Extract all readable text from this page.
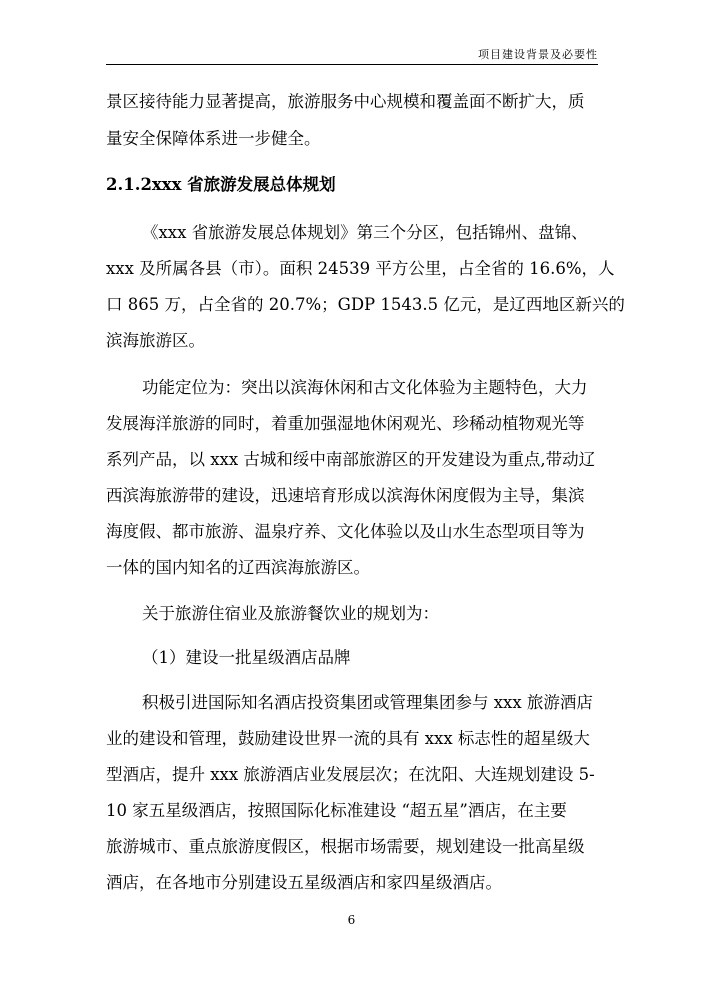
项目建设背景及必要性
景区接待能力显著提高，旅游服务中心规模和覆盖面不断扩大，质
量安全保障体系进一步健全。
2.1.2xxx 省旅游发展总体规划
《xxx 省旅游发展总体规划》第三个分区，包括锦州、盘锦、
xxx 及所属各县（市）。面积 24539 平方公里，占全省的 16.6%，人
口 865 万，占全省的 20.7%；GDP 1543.5 亿元，是辽西地区新兴的
滨海旅游区。
功能定位为：突出以滨海休闲和古文化体验为主题特色，大力
发展海洋旅游的同时，着重加强湿地休闲观光、珍稀动植物观光等
系列产品，以 xxx 古城和绥中南部旅游区的开发建设为重点,带动辽
西滨海旅游带的建设，迅速培育形成以滨海休闲度假为主导，集滨
海度假、都市旅游、温泉疗养、文化体验以及山水生态型项目等为
一体的国内知名的辽西滨海旅游区。
关于旅游住宿业及旅游餐饮业的规划为：
（1）建设一批星级酒店品牌
积极引进国际知名酒店投资集团或管理集团参与 xxx 旅游酒店
业的建设和管理，鼓励建设世界一流的具有 xxx 标志性的超星级大
型酒店，提升 xxx 旅游酒店业发展层次；在沈阳、大连规划建设 5-
10 家五星级酒店，按照国际化标准建设 “超五星”酒店，在主要
旅游城市、重点旅游度假区，根据市场需要，规划建设一批高星级
酒店，在各地市分别建设五星级酒店和家四星级酒店。
6
